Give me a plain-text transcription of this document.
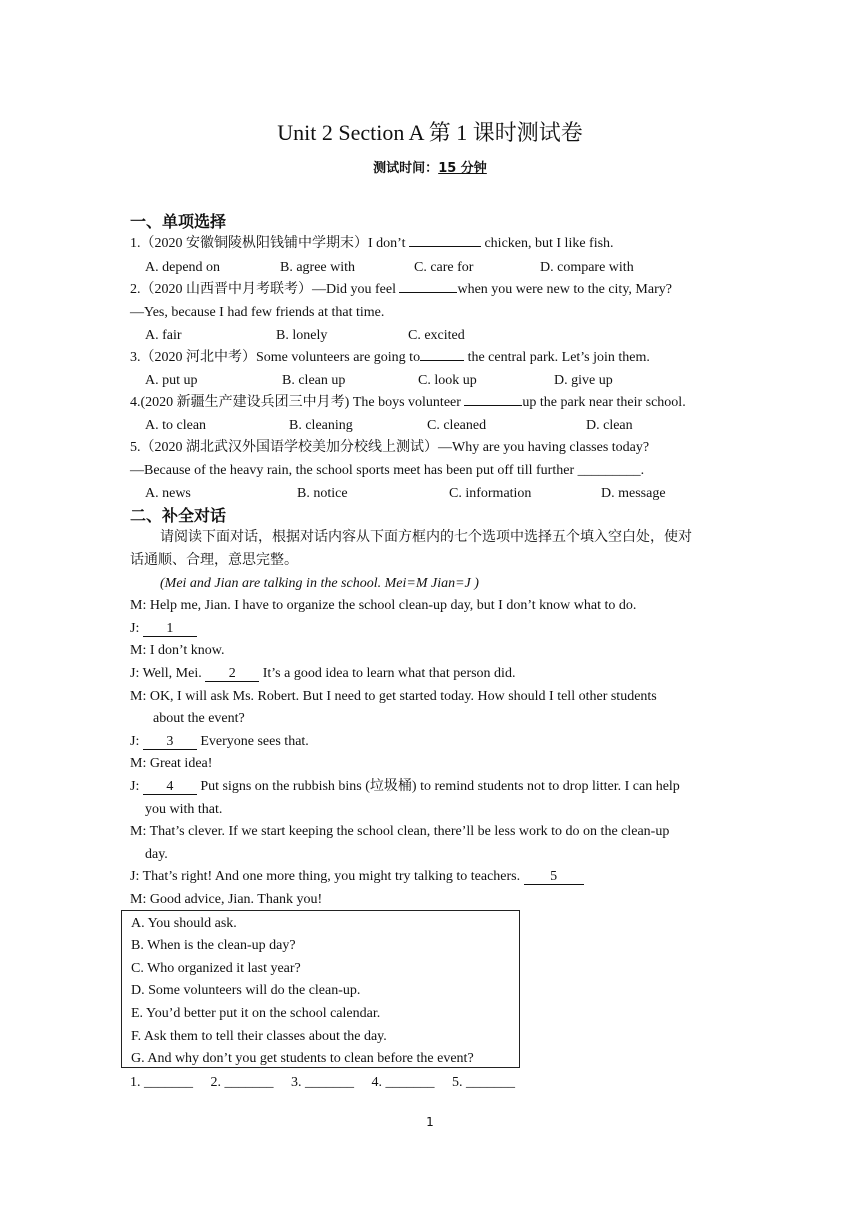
Unit 2 Section A 第 1 课时测试卷
测试时间：15 分钟
一、单项选择
1.（2020 安徽铜陵枞阳钱铺中学期末）I don’t	chicken, but I like fish.
A. depend on	B. agree with	C. care for	D. compare with
2.（2020 山西晋中月考联考）—Did you feel	when you were new to the city, Mary?
—Yes, because I had few friends at that time.
A. fair	B. lonely	C. excited
3.（2020 河北中考）Some volunteers are going to	the central park. Let’s join them.
A. put up	B. clean up	C. look up	D. give up
4.(2020 新疆生产建设兵团三中月考) The boys volunteer	up the park near their school.
A. to clean	B. cleaning	C. cleaned	D. clean
5.（2020 湖北武汉外国语学校美加分校线上测试）—Why are you having classes today?
—Because of the heavy rain, the school sports meet has been put off till further _________.
A. news	B. notice	C. information	D. message
二、补全对话
请阅读下面对话，根据对话内容从下面方框内的七个选项中选择五个填入空白处，使对
话通顺、合理，意思完整。
(Mei and Jian are talking in the school. Mei=M Jian=J )
M: Help me, Jian. I have to organize the school clean-up day, but I don’t know what to do.
J: 1
M: I don’t know.
J: Well, Mei. 2 It’s a good idea to learn what that person did.
M: OK, I will ask Ms. Robert. But I need to get started today. How should I tell other students
about the event?
J: 3 Everyone sees that.
M: Great idea!
J: 4 Put signs on the rubbish bins (垃圾桶) to remind students not to drop litter. I can help
you with that.
M: That’s clever. If we start keeping the school clean, there’ll be less work to do on the clean-up
day.
J: That’s right! And one more thing, you might try talking to teachers. 5
M: Good advice, Jian. Thank you!
A. You should ask.
B. When is the clean-up day?
C. Who organized it last year?
D. Some volunteers will do the clean-up.
E. You’d better put it on the school calendar.
F. Ask them to tell their classes about the day.
G. And why don’t you get students to clean before the event?
1. _______     2. _______     3. _______     4. _______     5. _______
1
